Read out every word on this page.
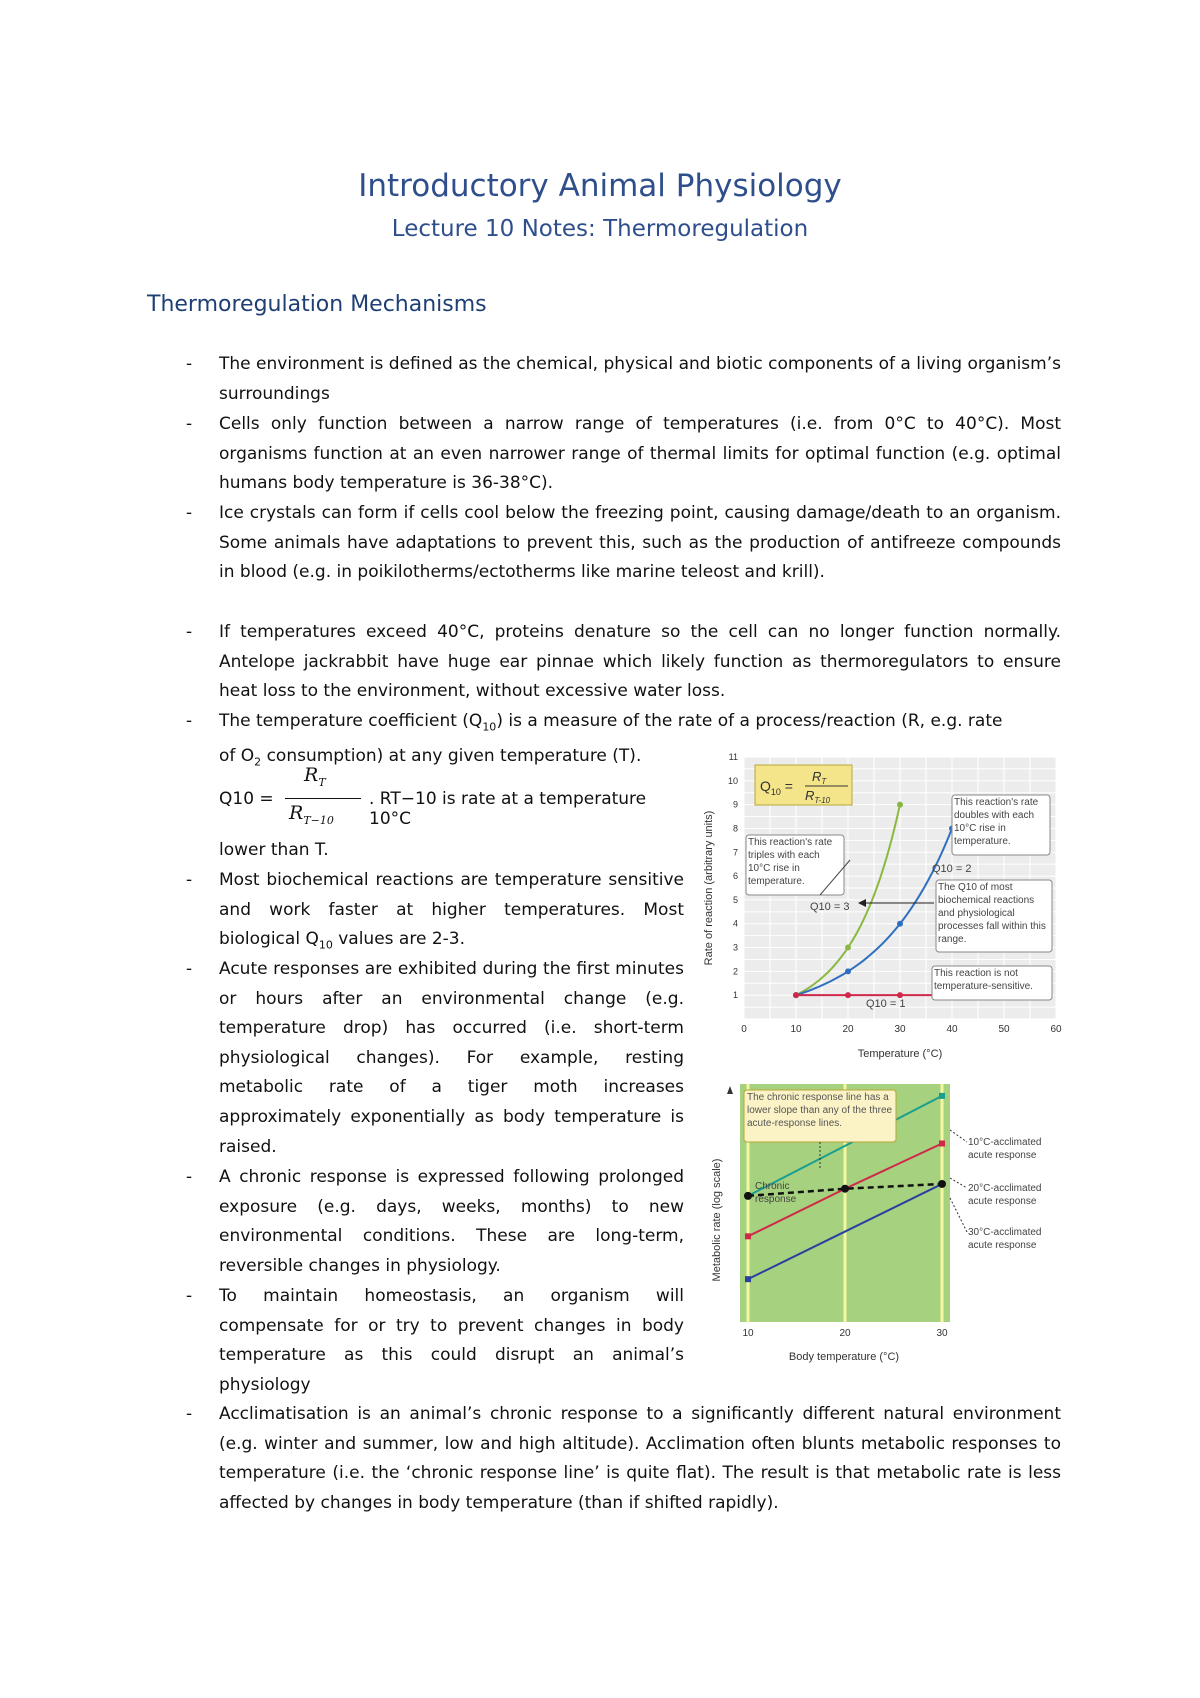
Introductory Animal Physiology
Lecture 10 Notes: Thermoregulation
Thermoregulation Mechanisms

- The environment is defined as the chemical, physical and biotic components of a living organism’s surroundings

- Cells only function between a narrow range of temperatures (i.e. from 0°C to 40°C). Most organisms function at an even narrower range of thermal limits for optimal function (e.g. optimal humans body temperature is 36-38°C).

- Ice crystals can form if cells cool below the freezing point, causing damage/death to an organism. Some animals have adaptations to prevent this, such as the production of antifreeze compounds in blood (e.g. in poikilotherms/ectotherms like marine teleost and krill).

- If temperatures exceed 40°C, proteins denature so the cell can no longer function normally. Antelope jackrabbit have huge ear pinnae which likely function as thermoregulators to ensure heat loss to the environment, without excessive water loss.

- The temperature coefficient $(Q_{10})$ is a measure of the rate of a process/reaction (R, e.g. rate
of $O_2$ consumption) at any given temperature (T).

Q10 =
$R_T$
$R_{T-10}$
. RT−10 is rate at a temperature 10°C

lower than T.

- Most biochemical reactions are temperature sensitive and work faster at higher temperatures. Most biological $Q_{10}$ values are 2-3.

- Acute responses are exhibited during the first minutes or hours after an environmental change (e.g. temperature drop) has occurred (i.e. short-term physiological changes). For example, resting metabolic rate of a tiger moth increases approximately exponentially as body temperature is raised.

- A chronic response is expressed following prolonged exposure (e.g. days, weeks, months) to new environmental conditions. These are long-term, reversible changes in physiology.

- To maintain homeostasis, an organism will compensate for or try to prevent changes in body temperature as this could disrupt an animal’s physiology

- Acclimatisation is an animal’s chronic response to a significantly different natural environment (e.g. winter and summer, low and high altitude). Acclimation often blunts metabolic responses to temperature (i.e. the ‘chronic response line’ is quite flat). The result is that metabolic rate is less affected by changes in body temperature (than if shifted rapidly).

0	10	20	30	40	50	60
1
2
3
4
5
6
7
8
9
10
11
$Q_{10}$ =
$R_T$
$R_{T-10}$
This reaction's rate triples with each 10°C rise in temperature.
This reaction's rate doubles with each 10°C rise in temperature.
The Q10 of most biochemical reactions and physiological processes fall within this range.
This reaction is not temperature-sensitive.
Q10 = 3
Q10 = 2
Q10 = 1
Temperature (°C)
Rate of reaction (arbitrary units)
10	20	30
The chronic response line has a lower slope than any of the three acute-response lines.
Chronic response
10°C-acclimated acute response
20°C-acclimated acute response
30°C-acclimated acute response
Body temperature (°C)
Metabolic rate (log scale)
